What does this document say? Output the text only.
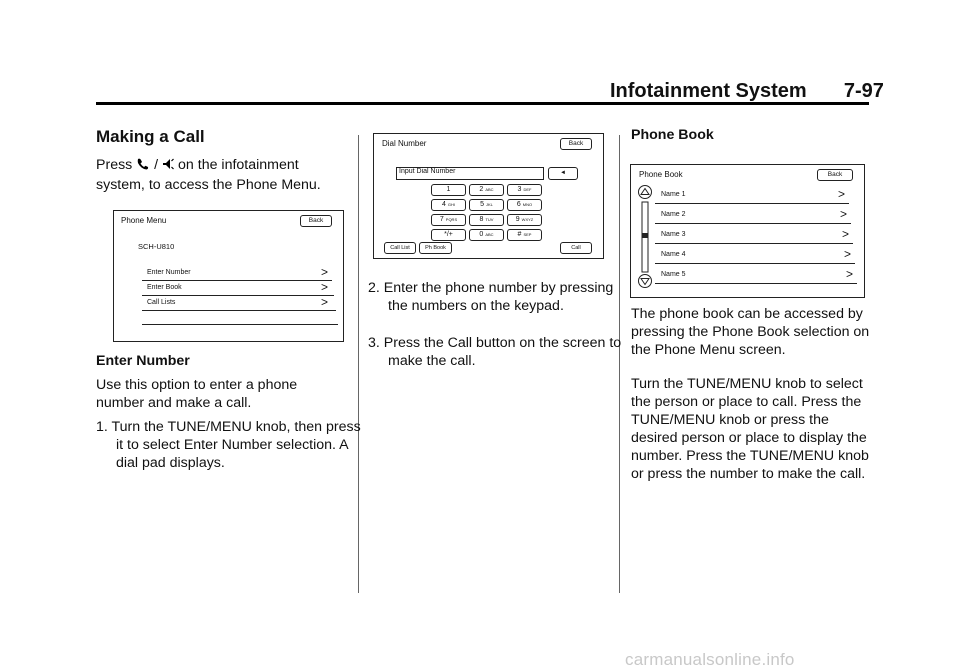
Infotainment System 7-97
Making a Call
Press / on the infotainment
system, to access the Phone Menu.
Phone Menu	Back
SCH-U810
Enter Number	>
Enter Book	>
Call Lists	>
Enter Number
Use this option to enter a phone
number and make a call.
1. Turn the TUNE/MENU knob, then press it to select Enter Number selection. A dial pad displays.
Dial Number	Back
Input Dial Number	◄
1	2 ABC	3 DEF
4 GHI	5 JKL	6 MNO
7 PQRS	8 TUV	9 WXYZ
*/+	0 ABC	# SEP
Call List	Ph Book	Call
2. Enter the phone number by pressing the numbers on the keypad.
3. Press the Call button on the screen to make the call.
Phone Book
Phone Book	Back
Name 1	>
Name 2	>
Name 3	>
Name 4	>
Name 5	>
The phone book can be accessed by pressing the Phone Book selection on the Phone Menu screen.
Turn the TUNE/MENU knob to select the person or place to call. Press the TUNE/MENU knob or press the desired person or place to display the number. Press the TUNE/MENU knob or press the number to make the call.
carmanualsonline.info
